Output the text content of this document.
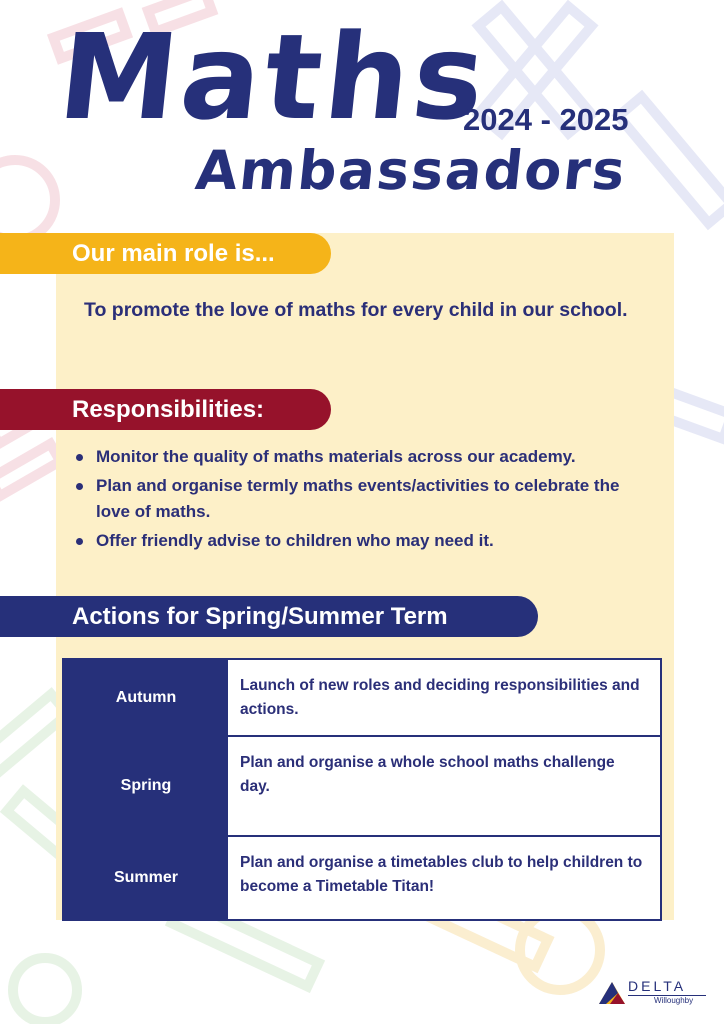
Maths
2024 - 2025
Ambassadors
Our main role is...

To promote the love of maths for every child in our school.

Responsibilities:
Monitor the quality of maths materials across our academy.
Plan and organise termly maths events/activities to celebrate the love of maths.
Offer friendly advise to children who may need it.
Actions for Spring/Summer Term
Autumn
Launch of new roles and deciding responsibilities and actions.
Spring
Plan and organise a whole school maths challenge day.
Summer
Plan and organise a timetables club to help children to become a Timetable Titan!
DELTA
Willoughby
